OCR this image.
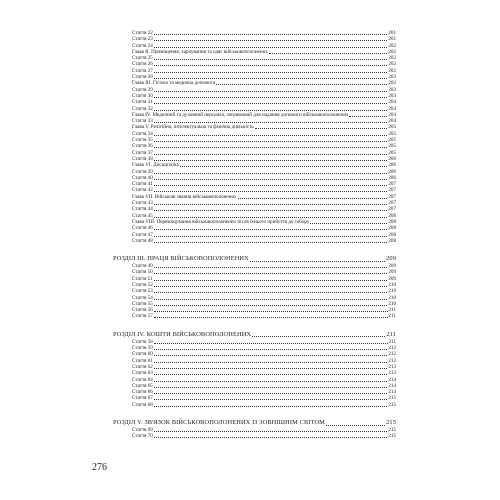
Стаття 22	201
Стаття 23	201
Стаття 24	202
Глава II. Приміщення, харчування та одяг військовополонених	202
Стаття 25	202
Стаття 26	202
Стаття 27	202
Стаття 28	203
Глава III. Гігієна та медична допомога	203
Стаття 29	203
Стаття 30	203
Стаття 31	204
Стаття 32	204
Глава IV. Медичний та духовний персонал, затриманий для надання допомоги військовополоненим	204
Стаття 33	204
Глава V. Релігійна, інтелектуальна та фізична діяльність	205
Стаття 34	205
Стаття 35	205
Стаття 36	205
Стаття 37	205
Стаття 38	206
Глава VI. Дисципліна	206
Стаття 39	206
Стаття 40	206
Стаття 41	207
Стаття 42	207
Глава VII. Військові звання військовополонених	207
Стаття 43	207
Стаття 44	207
Стаття 45	208
Глава VIII. Переміщування військовополонених після їхнього прибуття до табору	208
Стаття 46	208
Стаття 47	208
Стаття 48	208
РОЗДІЛ III. ПРАЦЯ ВІЙСЬКОВОПОЛОНЕНИХ	209
Стаття 49	209
Стаття 50	209
Стаття 51	209
Стаття 52	210
Стаття 53	210
Стаття 54	210
Стаття 55	210
Стаття 56	211
Стаття 57	211
РОЗДІЛ IV. КОШТИ ВІЙСЬКОВОПОЛОНЕНИХ	211
Стаття 58	211
Стаття 59	212
Стаття 60	212
Стаття 61	212
Стаття 62	213
Стаття 63	213
Стаття 64	214
Стаття 65	214
Стаття 66	214
Стаття 67	215
Стаття 68	215
РОЗДІЛ V. ЗВ'ЯЗОК ВІЙСЬКОВОПОЛОНЕНИХ ІЗ ЗОВНІШНІМ СВІТОМ	215
Стаття 69	215
Стаття 70	215
276
